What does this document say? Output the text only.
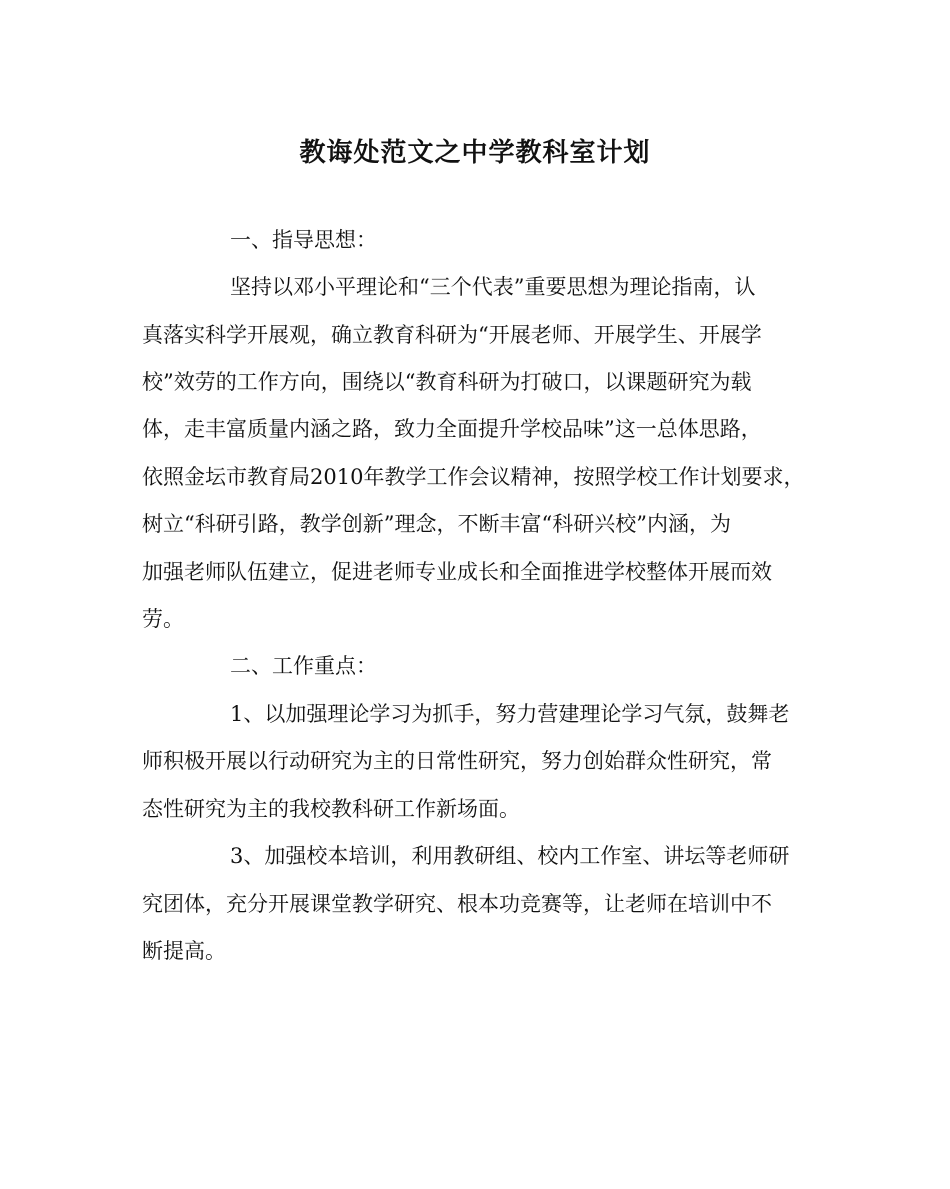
教诲处范文之中学教科室计划
一、指导思想：
坚持以邓小平理论和“三个代表”重要思想为理论指南，认
真落实科学开展观，确立教育科研为“开展老师、开展学生、开展学
校”效劳的工作方向，围绕以“教育科研为打破口，以课题研究为载
体，走丰富质量内涵之路，致力全面提升学校品味”这一总体思路，
依照金坛市教育局2010年教学工作会议精神，按照学校工作计划要求，
树立“科研引路，教学创新”理念，不断丰富“科研兴校”内涵，为
加强老师队伍建立，促进老师专业成长和全面推进学校整体开展而效
劳。
二、工作重点：
1、以加强理论学习为抓手，努力营建理论学习气氛，鼓舞老
师积极开展以行动研究为主的日常性研究，努力创始群众性研究，常
态性研究为主的我校教科研工作新场面。
3、加强校本培训，利用教研组、校内工作室、讲坛等老师研
究团体，充分开展课堂教学研究、根本功竞赛等，让老师在培训中不
断提高。
